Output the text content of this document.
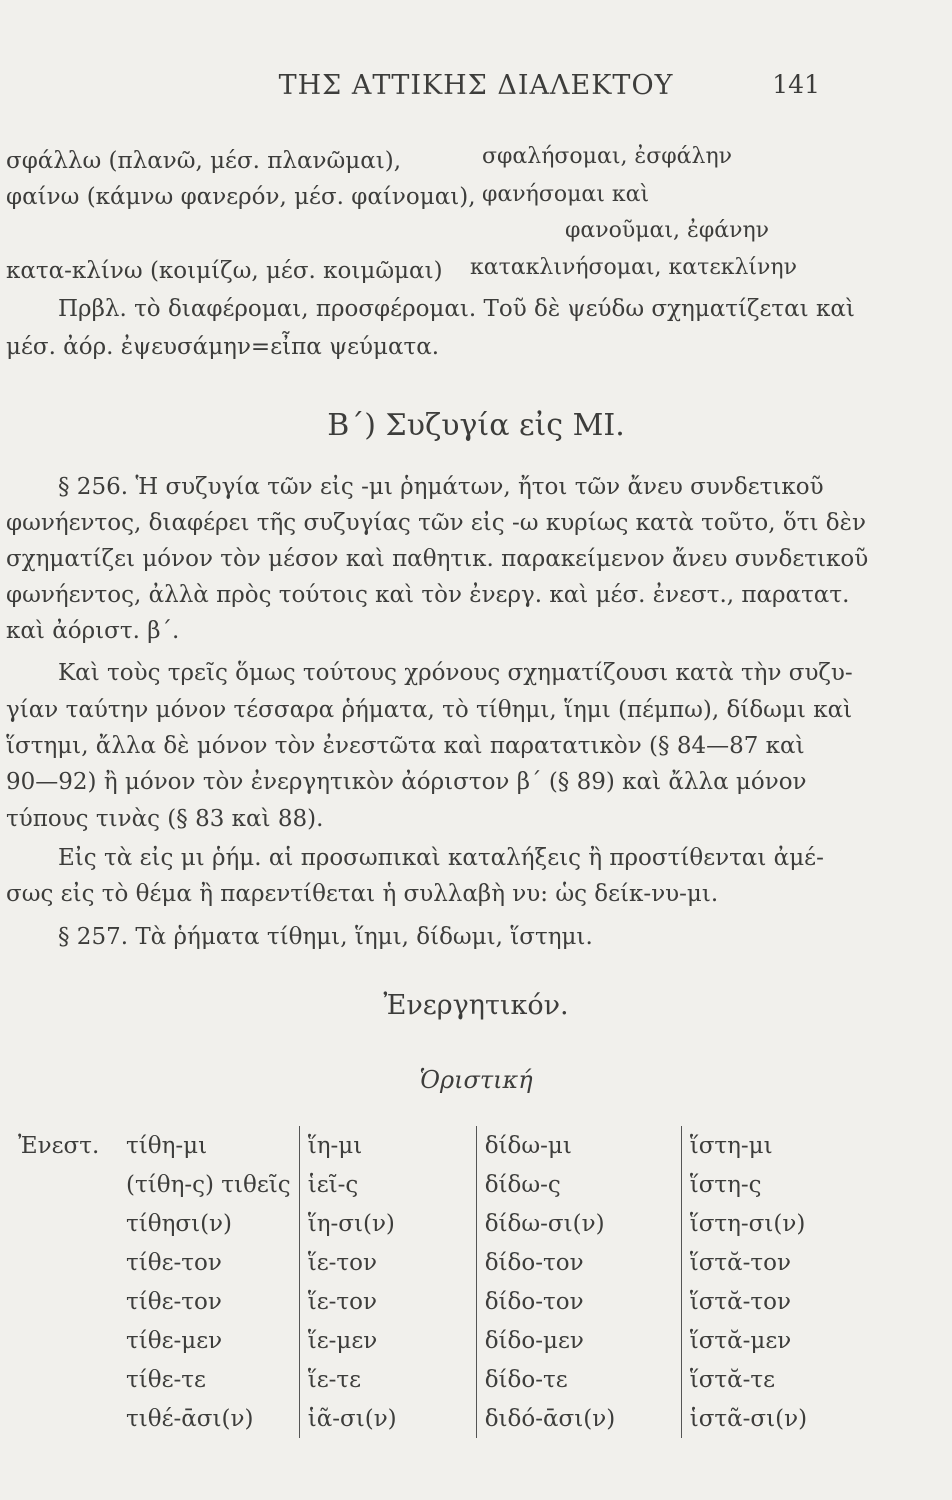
ΤΗΣ ΑΤΤΙΚΗΣ ΔΙΑΛΕΚΤΟΥ	141
σφάλλω (πλανῶ, μέσ. πλανῶμαι),	σφαλήσομαι, ἐσφάλην
φαίνω (κάμνω φανερόν, μέσ. φαίνομαι), φανήσομαι καὶ
φανοῦμαι, ἐφάνην
κατα-κλίνω (κοιμίζω, μέσ. κοιμῶμαι) κατακλινήσομαι, κατεκλίνην
Πρβλ. τὸ διαφέρομαι, προσφέρομαι. Τοῦ δὲ ψεύδω σχηματίζεται καὶ
μέσ. ἀόρ. ἐψευσάμην=εἶπα ψεύματα.
Β΄) Συζυγία εἰς ΜΙ.
§ 256. Ἡ συζυγία τῶν εἰς -μι ῥημάτων, ἤτοι τῶν ἄνευ συνδετικοῦ
φωνήεντος, διαφέρει τῆς συζυγίας τῶν εἰς -ω κυρίως κατὰ τοῦτο, ὅτι δὲν
σχηματίζει μόνον τὸν μέσον καὶ παθητικ. παρακείμενον ἄνευ συνδετικοῦ
φωνήεντος, ἀλλὰ πρὸς τούτοις καὶ τὸν ἐνεργ. καὶ μέσ. ἐνεστ., παρατατ.
καὶ ἀόριστ. β΄.
Καὶ τοὺς τρεῖς ὅμως τούτους χρόνους σχηματίζουσι κατὰ τὴν συζυ-
γίαν ταύτην μόνον τέσσαρα ῥήματα, τὸ τίθημι, ἵημι (πέμπω), δίδωμι καὶ
ἵστημι, ἄλλα δὲ μόνον τὸν ἐνεστῶτα καὶ παρατατικὸν (§ 84—87 καὶ
90—92) ἢ μόνον τὸν ἐνεργητικὸν ἀόριστον β΄ (§ 89) καὶ ἄλλα μόνον
τύπους τινὰς (§ 83 καὶ 88).
Εἰς τὰ εἰς μι ῥήμ. αἱ προσωπικαὶ καταλήξεις ἢ προστίθενται ἀμέ-
σως εἰς τὸ θέμα ἢ παρεντίθεται ἡ συλλαβὴ νυ: ὡς δείκ-νυ-μι.
§ 257. Τὰ ῥήματα τίθημι, ἵημι, δίδωμι, ἵστημι.
Ἐνεργητικόν.
Ὁριστική
Ἐνεστ.	τίθη-μι	ἵη-μι	δίδω-μι	ἵστη-μι
	(τίθη-ς) τιθεῖς	ἱεῖ-ς	δίδω-ς	ἵστη-ς
	τίθησι(ν)	ἵη-σι(ν)	δίδω-σι(ν)	ἵστη-σι(ν)
	τίθε-τον	ἵε-τον	δίδο-τον	ἵστᾰ-τον
	τίθε-τον	ἵε-τον	δίδο-τον	ἵστᾰ-τον
	τίθε-μεν	ἵε-μεν	δίδο-μεν	ἵστᾰ-μεν
	τίθε-τε	ἵε-τε	δίδο-τε	ἵστᾰ-τε
	τιθέ-ᾱσι(ν)	ἱᾶ-σι(ν)	διδό-ᾱσι(ν)	ἱστᾶ-σι(ν)
